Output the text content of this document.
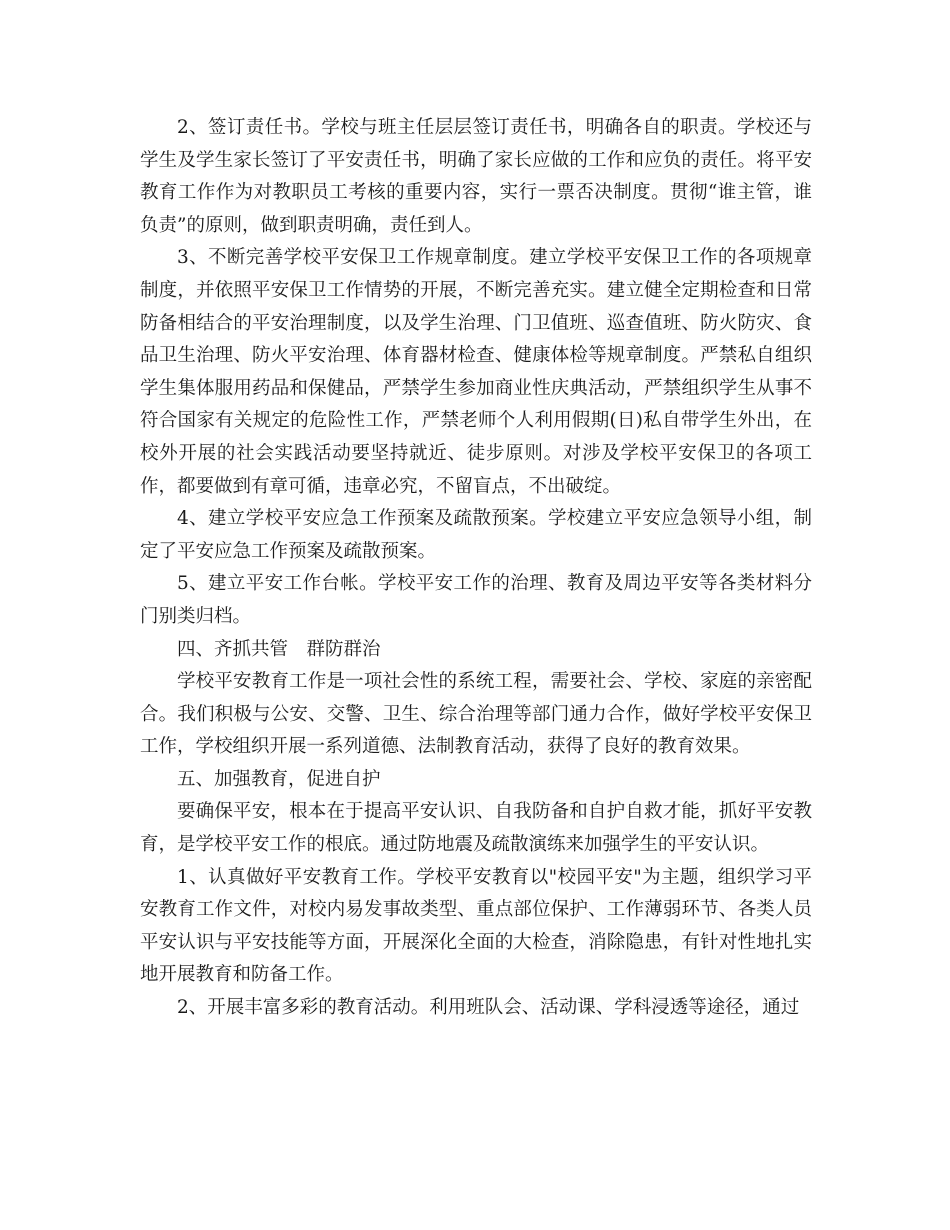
2、签订责任书。学校与班主任层层签订责任书，明确各自的职责。学校还与学生及学生家长签订了平安责任书，明确了家长应做的工作和应负的责任。将平安教育工作作为对教职员工考核的重要内容，实行一票否决制度。贯彻“谁主管，谁负责”的原则，做到职责明确，责任到人。

3、不断完善学校平安保卫工作规章制度。建立学校平安保卫工作的各项规章制度，并依照平安保卫工作情势的开展，不断完善充实。建立健全定期检查和日常防备相结合的平安治理制度，以及学生治理、门卫值班、巡查值班、防火防灾、食品卫生治理、防火平安治理、体育器材检查、健康体检等规章制度。严禁私自组织学生集体服用药品和保健品，严禁学生参加商业性庆典活动，严禁组织学生从事不符合国家有关规定的危险性工作，严禁老师个人利用假期(日)私自带学生外出，在校外开展的社会实践活动要坚持就近、徒步原则。对涉及学校平安保卫的各项工作，都要做到有章可循，违章必究，不留盲点，不出破绽。

4、建立学校平安应急工作预案及疏散预案。学校建立平安应急领导小组，制定了平安应急工作预案及疏散预案。

5、建立平安工作台帐。学校平安工作的治理、教育及周边平安等各类材料分门别类归档。

四、齐抓共管　群防群治

学校平安教育工作是一项社会性的系统工程，需要社会、学校、家庭的亲密配合。我们积极与公安、交警、卫生、综合治理等部门通力合作，做好学校平安保卫工作，学校组织开展一系列道德、法制教育活动，获得了良好的教育效果。

五、加强教育，促进自护

要确保平安，根本在于提高平安认识、自我防备和自护自救才能，抓好平安教育，是学校平安工作的根底。通过防地震及疏散演练来加强学生的平安认识。

1、认真做好平安教育工作。学校平安教育以"校园平安"为主题，组织学习平安教育工作文件，对校内易发事故类型、重点部位保护、工作薄弱环节、各类人员平安认识与平安技能等方面，开展深化全面的大检查，消除隐患，有针对性地扎实地开展教育和防备工作。

2、开展丰富多彩的教育活动。利用班队会、活动课、学科浸透等途径，通过
